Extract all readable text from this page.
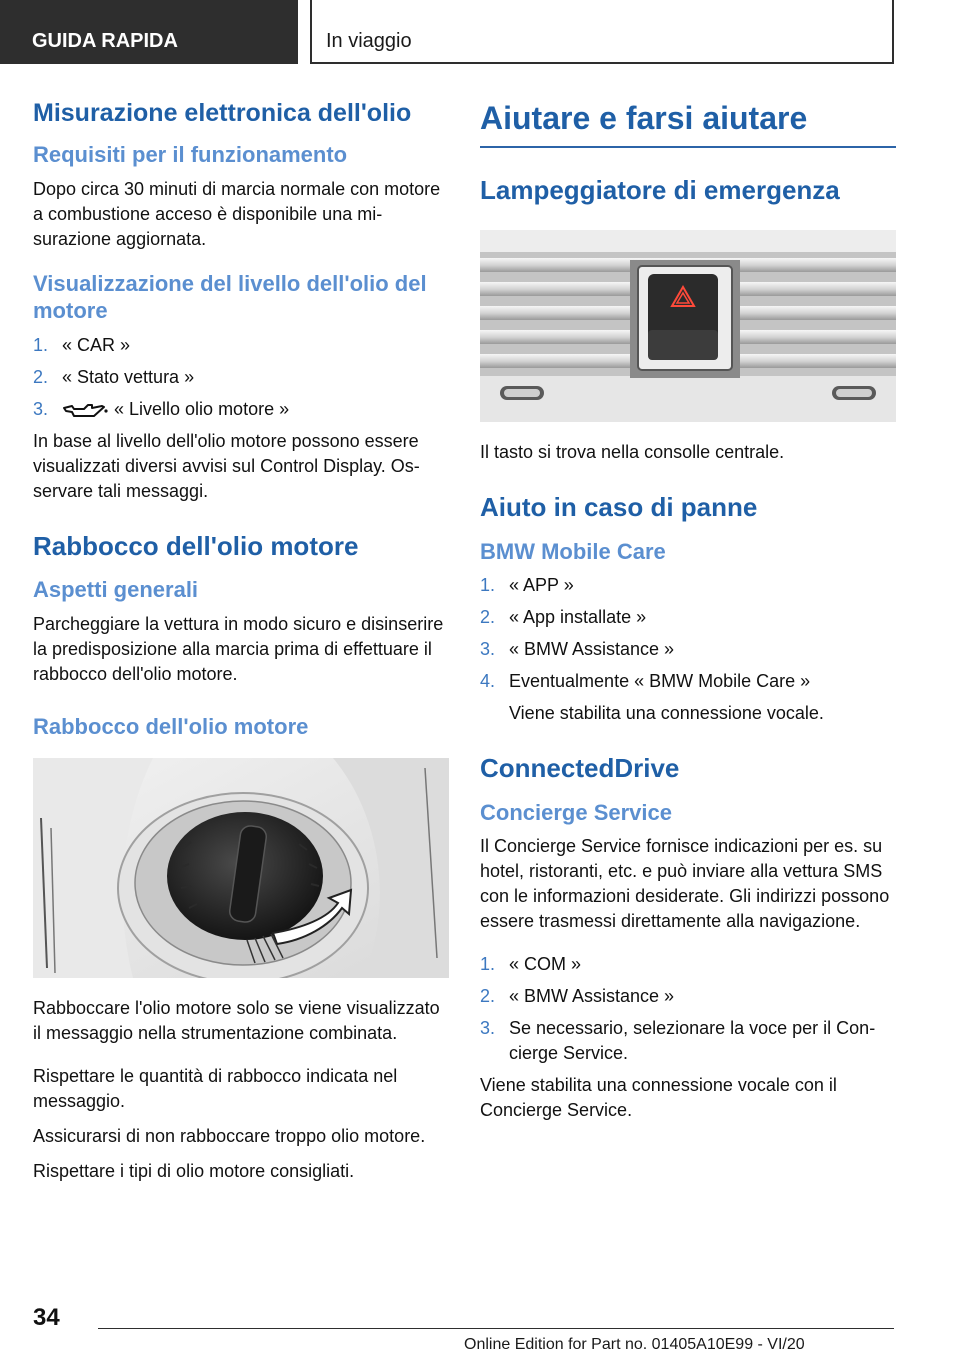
GUIDA RAPIDA	In viaggio
Misurazione elettronica dell'olio
Requisiti per il funzionamento

Dopo circa 30 minuti di marcia normale con motore a combustione acceso è disponibile una misurazione aggiornata.

Visualizzazione del livello dell'olio del motore
1. « CAR »
2. « Stato vettura »
3.	« Livello olio motore »

In base al livello dell'olio motore possono essere visualizzati diversi avvisi sul Control Display. Osservare tali messaggi.

Rabbocco dell'olio motore
Aspetti generali

Parcheggiare la vettura in modo sicuro e disinserire la predisposizione alla marcia prima di effettuare il rabbocco dell'olio motore.

Rabbocco dell'olio motore

Rabboccare l'olio motore solo se viene visualizzato il messaggio nella strumentazione combinata.

Rispettare le quantità di rabbocco indicata nel messaggio.

Assicurarsi di non rabboccare troppo olio motore.

Rispettare i tipi di olio motore consigliati.

Aiutare e farsi aiutare
Lampeggiatore di emergenza

Il tasto si trova nella consolle centrale.

Aiuto in caso di panne
BMW Mobile Care
1. « APP »
2. « App installate »
3. « BMW Assistance »
4. Eventualmente « BMW Mobile Care »
Viene stabilita una connessione vocale.
ConnectedDrive
Concierge Service

Il Concierge Service fornisce indicazioni per es. su hotel, ristoranti, etc. e può inviare alla vettura SMS con le informazioni desiderate. Gli indirizzi possono essere trasmessi direttamente alla navigazione.

1. « COM »
2. « BMW Assistance »
3. Se necessario, selezionare la voce per il Concierge Service.

Viene stabilita una connessione vocale con il Concierge Service.

34
Online Edition for Part no. 01405A10E99 - VI/20
